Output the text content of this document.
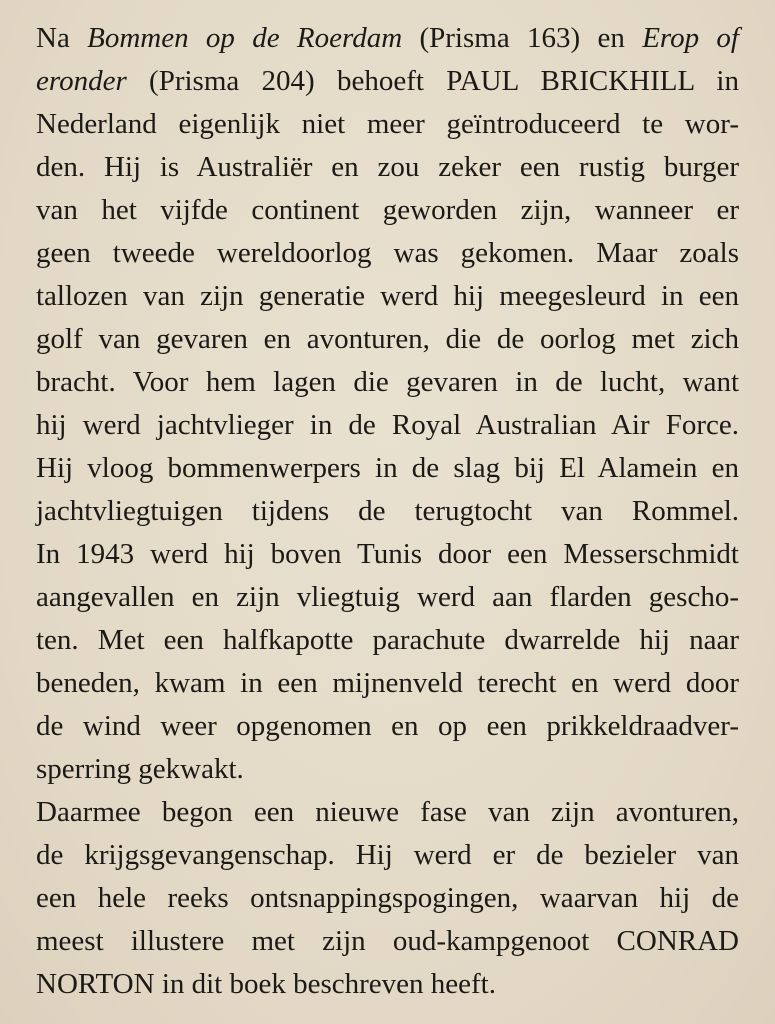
Na Bommen op de Roerdam (Prisma 163) en Erop of
eronder (Prisma 204) behoeft PAUL BRICKHILL in
Nederland eigenlijk niet meer geïntroduceerd te wor-
den. Hij is Australiër en zou zeker een rustig burger
van het vijfde continent geworden zijn, wanneer er
geen tweede wereldoorlog was gekomen. Maar zoals
tallozen van zijn generatie werd hij meegesleurd in een
golf van gevaren en avonturen, die de oorlog met zich
bracht. Voor hem lagen die gevaren in de lucht, want
hij werd jachtvlieger in de Royal Australian Air Force.
Hij vloog bommenwerpers in de slag bij El Alamein en
jachtvliegtuigen tijdens de terugtocht van Rommel.
In 1943 werd hij boven Tunis door een Messerschmidt
aangevallen en zijn vliegtuig werd aan flarden gescho-
ten. Met een halfkapotte parachute dwarrelde hij naar
beneden, kwam in een mijnenveld terecht en werd door
de wind weer opgenomen en op een prikkeldraadver-
sperring gekwakt.
Daarmee begon een nieuwe fase van zijn avonturen,
de krijgsgevangenschap. Hij werd er de bezieler van
een hele reeks ontsnappingspogingen, waarvan hij de
meest illustere met zijn oud-kampgenoot CONRAD
NORTON in dit boek beschreven heeft.
